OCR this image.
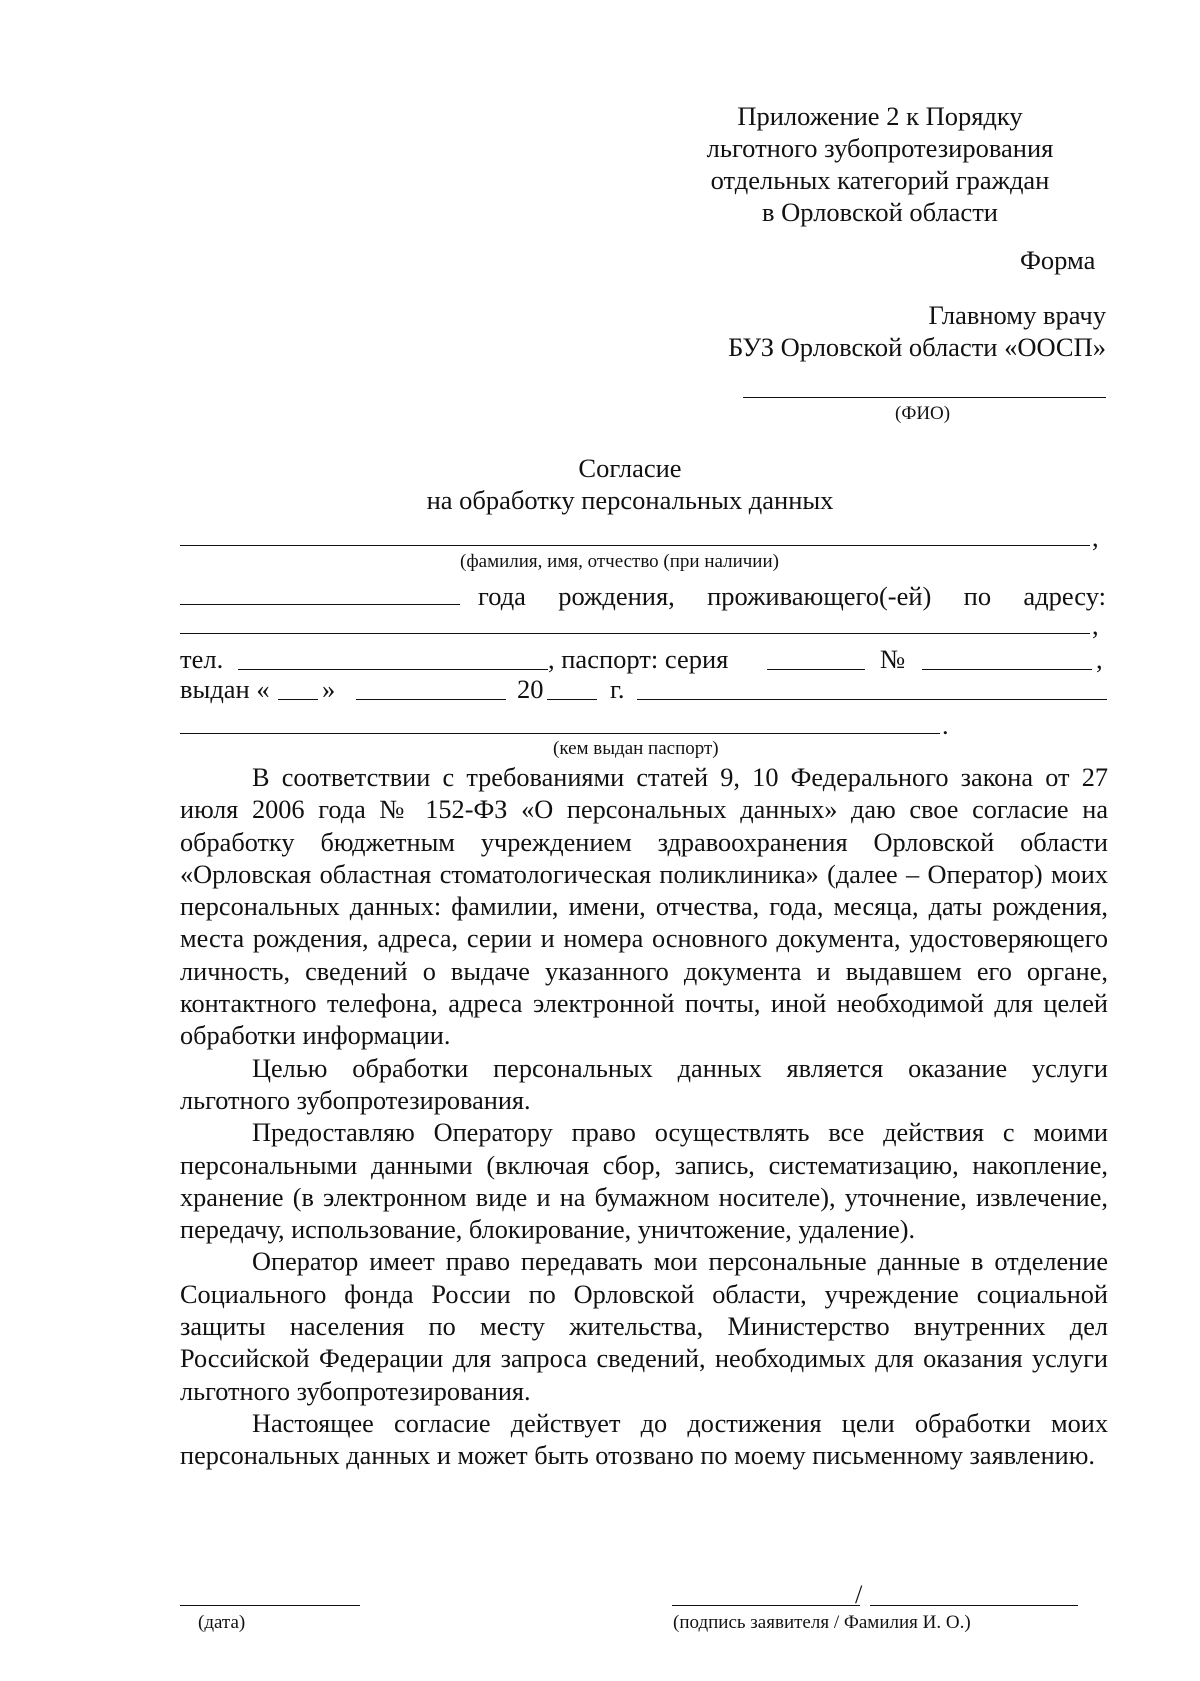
Приложение 2 к Порядку
льготного зубопротезирования
отдельных категорий граждан
в Орловской области
Форма
Главному врачу
БУЗ Орловской области «ООСП»
(ФИО)
Согласие
на обработку персональных данных
,
(фамилия, имя, отчество (при наличии)
года рождения, проживающего(-ей) по адресу:
,
тел.	, паспорт: серия	№	,
выдан « »	20	г.
.
(кем выдан паспорт)

В соответствии с требованиями статей 9, 10 Федерального закона от 27 июля 2006 года № 152-ФЗ «О персональных данных» даю свое согласие на обработку бюджетным учреждением здравоохранения Орловской области «Орловская областная стоматологическая поликлиника» (далее – Оператор) моих персональных данных: фамилии, имени, отчества, года, месяца, даты рождения, места рождения, адреса, серии и номера основного документа, удостоверяющего личность, сведений о выдаче указанного документа и выдавшем его органе, контактного телефона, адреса электронной почты, иной необходимой для целей обработки информации.

Целью обработки персональных данных является оказание услуги льготного зубопротезирования.

Предоставляю Оператору право осуществлять все действия с моими персональными данными (включая сбор, запись, систематизацию, накопление, хранение (в электронном виде и на бумажном носителе), уточнение, извлечение, передачу, использование, блокирование, уничтожение, удаление).

Оператор имеет право передавать мои персональные данные в отделение Социального фонда России по Орловской области, учреждение социальной защиты населения по месту жительства, Министерство внутренних дел Российской Федерации для запроса сведений, необходимых для оказания услуги льготного зубопротезирования.

Настоящее согласие действует до достижения цели обработки моих персональных данных и может быть отозвано по моему письменному заявлению.

(дата)
/
(подпись заявителя / Фамилия И. О.)
